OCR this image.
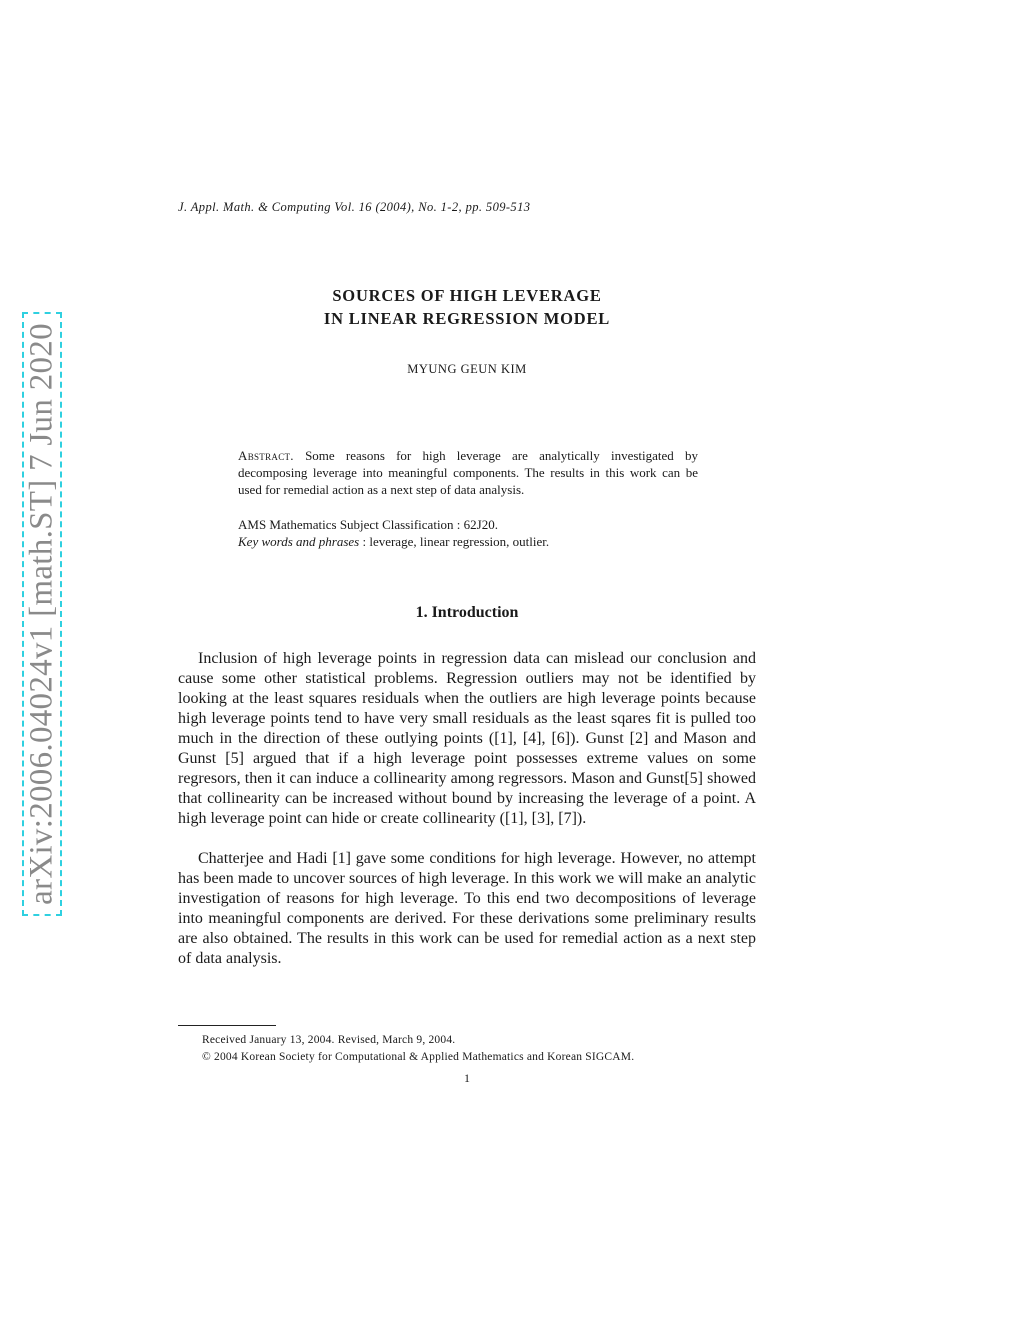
arXiv:2006.04024v1 [math.ST] 7 Jun 2020
J. Appl. Math. & Computing Vol. 16 (2004), No. 1-2, pp. 509-513
SOURCES OF HIGH LEVERAGE
IN LINEAR REGRESSION MODEL
MYUNG GEUN KIM
Abstract. Some reasons for high leverage are analytically investigated by decomposing leverage into meaningful components. The results in this work can be used for remedial action as a next step of data analysis.
AMS Mathematics Subject Classification : 62J20.
Key words and phrases : leverage, linear regression, outlier.
1. Introduction
Inclusion of high leverage points in regression data can mislead our conclusion and cause some other statistical problems. Regression outliers may not be identified by looking at the least squares residuals when the outliers are high leverage points because high leverage points tend to have very small residuals as the least sqares fit is pulled too much in the direction of these outlying points ([1], [4], [6]). Gunst [2] and Mason and Gunst [5] argued that if a high leverage point possesses extreme values on some regresors, then it can induce a collinearity among regressors. Mason and Gunst[5] showed that collinearity can be increased without bound by increasing the leverage of a point. A high leverage point can hide or create collinearity ([1], [3], [7]).
Chatterjee and Hadi [1] gave some conditions for high leverage. However, no attempt has been made to uncover sources of high leverage. In this work we will make an analytic investigation of reasons for high leverage. To this end two decompositions of leverage into meaningful components are derived. For these derivations some preliminary results are also obtained. The results in this work can be used for remedial action as a next step of data analysis.
Received January 13, 2004. Revised, March 9, 2004.
© 2004 Korean Society for Computational & Applied Mathematics and Korean SIGCAM.
1
